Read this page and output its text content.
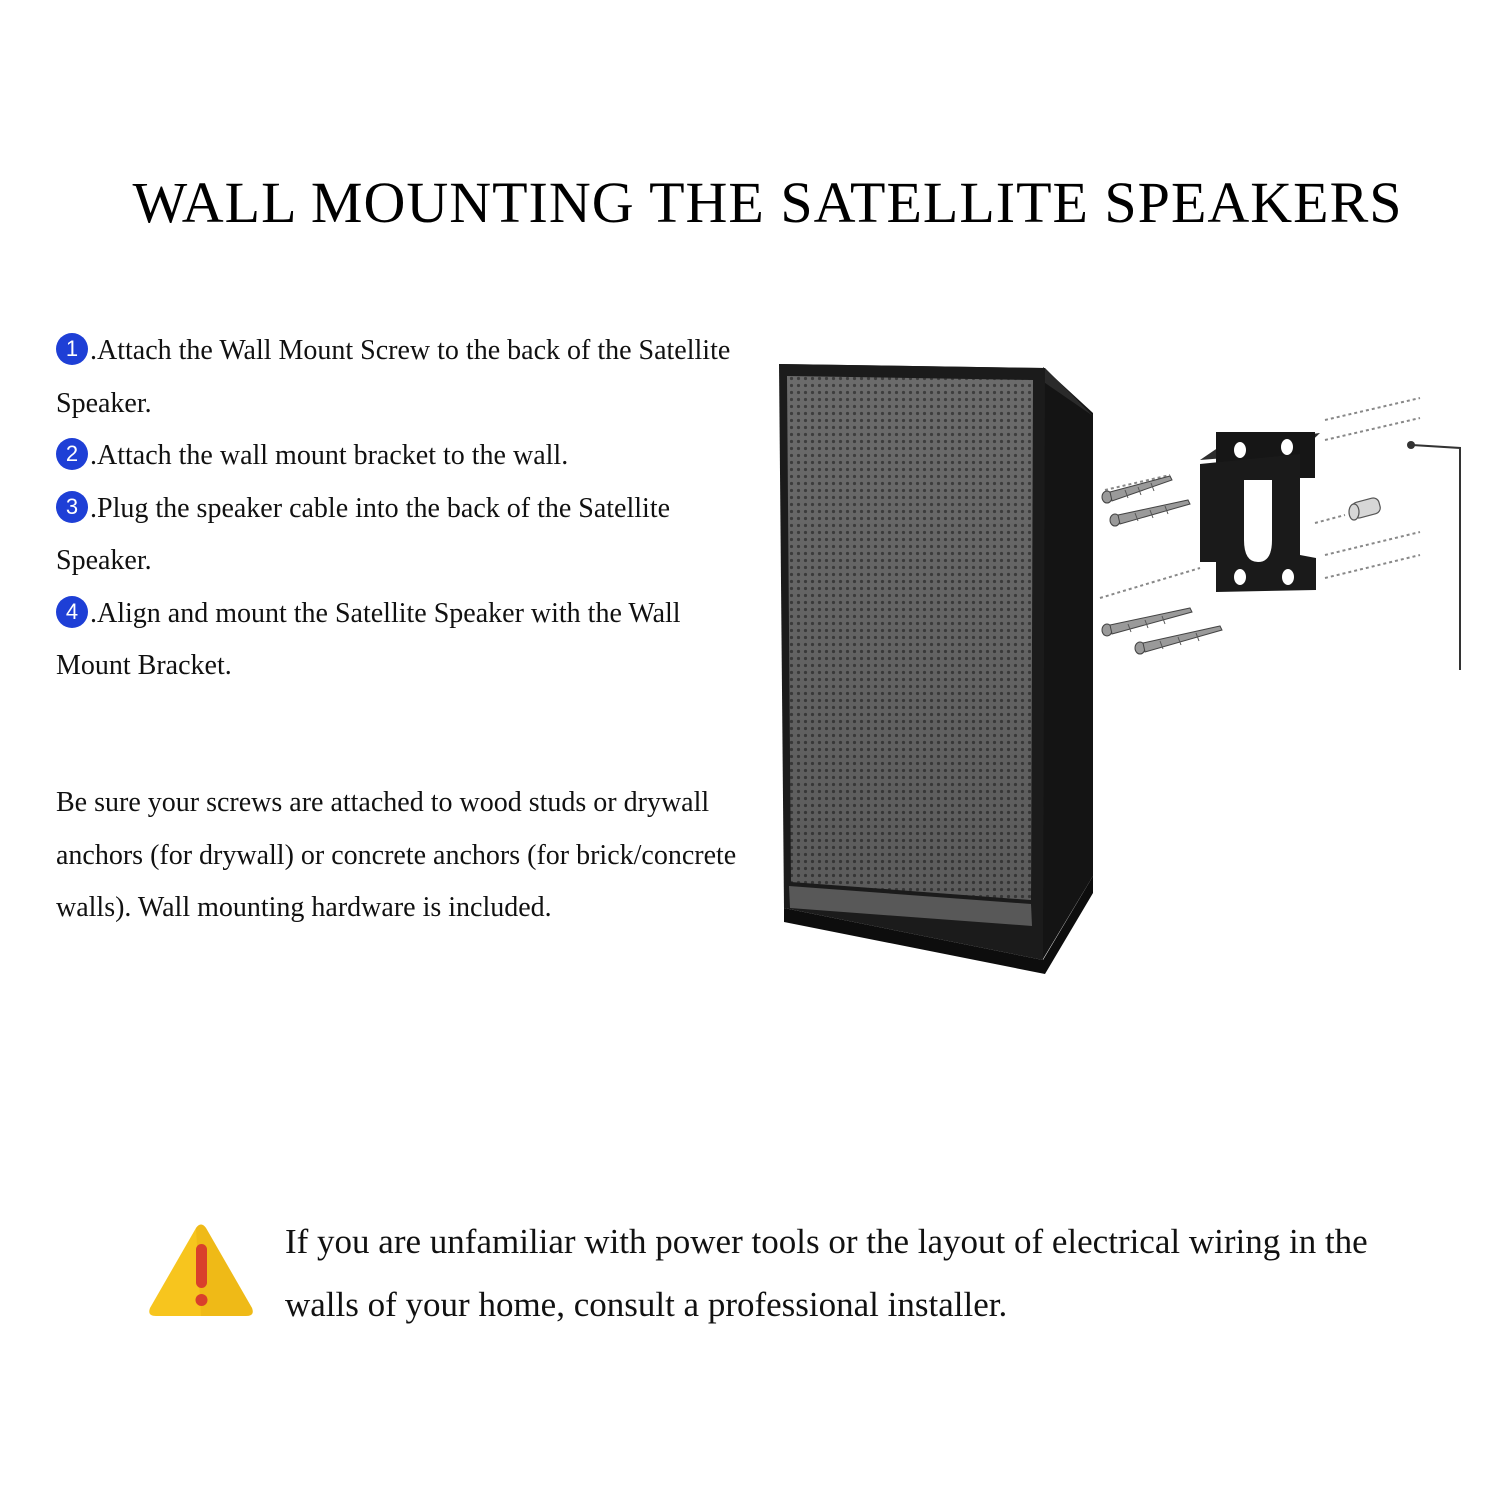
WALL MOUNTING THE SATELLITE SPEAKERS

1 .Attach the Wall Mount Screw to the back of the Satellite Speaker.

2 .Attach the wall mount bracket to the wall.

3 .Plug the speaker cable into the back of the Satellite Speaker.

4 .Align and mount the Satellite Speaker with the Wall Mount Bracket.

Be sure your screws are attached to wood studs or drywall anchors (for drywall) or concrete anchors (for brick/concrete walls). Wall mounting hardware is included.

If you are unfamiliar with power tools or the layout of electrical wiring in the walls of your home, consult a professional installer.
